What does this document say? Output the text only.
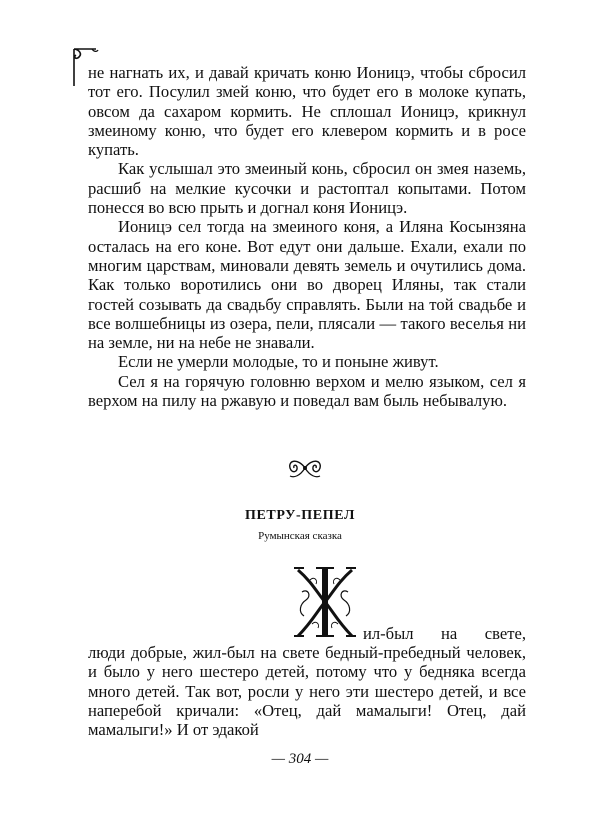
не нагнать их, и давай кричать коню Ионицэ, чтобы сбросил тот его. Посулил змей коню, что будет его в молоке купать, овсом да сахаром кормить. Не сплошал Ионицэ, крикнул змеиному коню, что будет его клевером кормить и в росе купать.

Как услышал это змеиный конь, сбросил он змея наземь, расшиб на мелкие кусочки и растоптал копытами. Потом понесся во всю прыть и догнал коня Ионицэ.

Ионицэ сел тогда на змеиного коня, а Иляна Косынзяна осталась на его коне. Вот едут они дальше. Ехали, ехали по многим царствам, миновали девять земель и очутились дома. Как только воротились они во дворец Иляны, так стали гостей созывать да свадьбу справлять. Были на той свадьбе и все волшебницы из озера, пели, плясали — такого веселья ни на земле, ни на небе не знавали.

Если не умерли молодые, то и поныне живут.

Сел я на горячую головню верхом и мелю языком, сел я верхом на пилу на ржавую и поведал вам быль небывалую.

ПЕТРУ-ПЕПЕЛ
Румынская сказка
ил-был на свете,

люди добрые, жил-был на свете бедный-пребедный человек, и было у него шестеро детей, потому что у бедняка всегда много детей. Так вот, росли у него эти шестеро детей, и все наперебой кричали: «Отец, дай мамалыги! Отец, дай мамалыги!» И от эдакой

— 304 —
